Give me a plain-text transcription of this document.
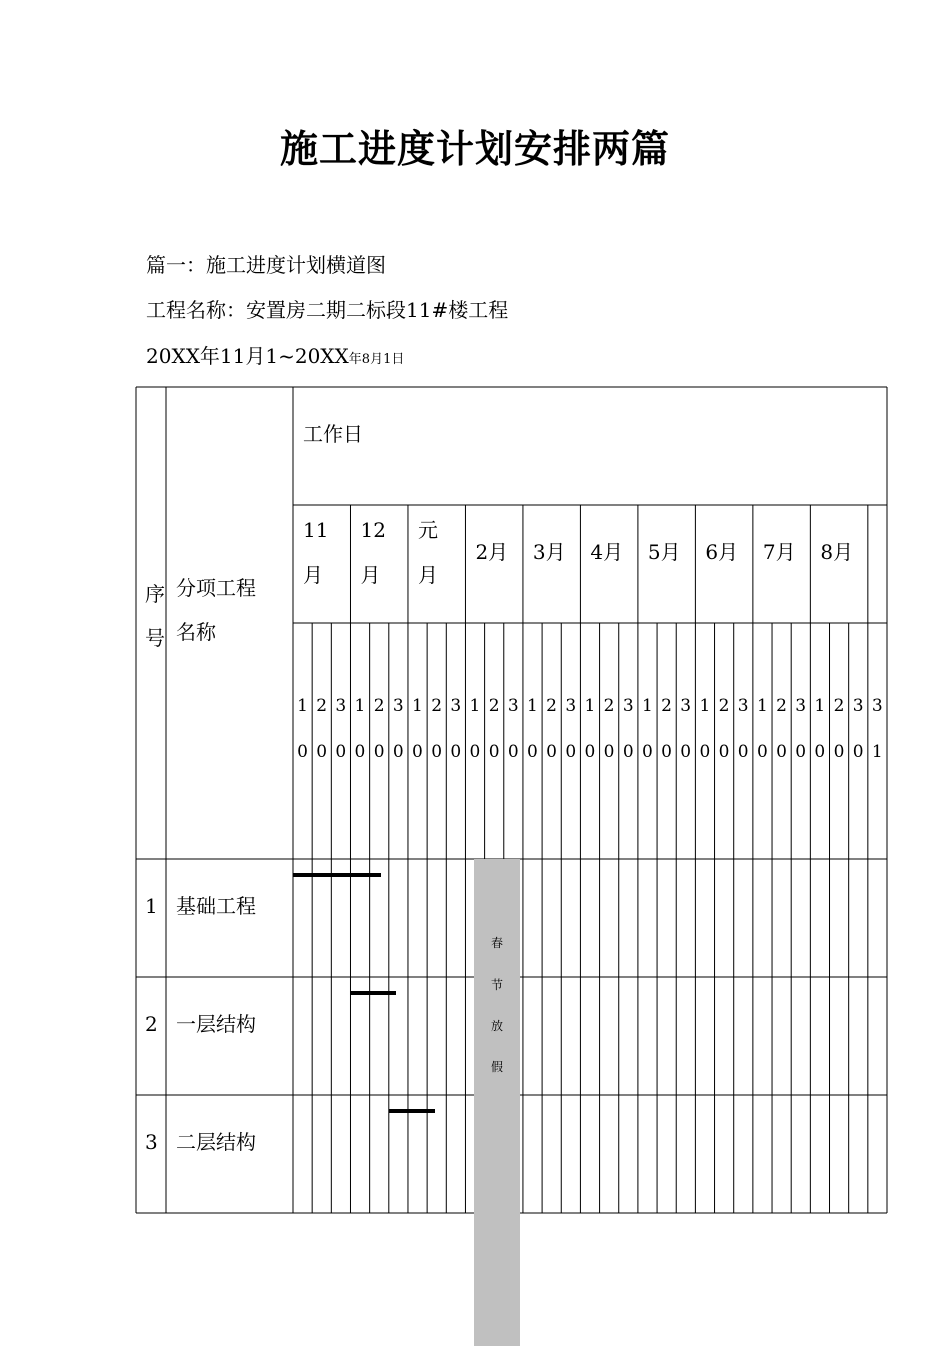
施工进度计划安排两篇
篇一：施工进度计划横道图
工程名称：安置房二期二标段11#楼工程
20XX年11月1~20XX年8月1日
春
节
放
假
序
号
分项工程
名称
工作日
11
月
12
月
元
月
2月 3月 4月 5月 6月 7月 8月
1
0
2
0
3
0
1
0
2
0
3
0
1
0
2
0
3
0
1
0
2
0
3
0
1
0
2
0
3
0
1
0
2
0
3
0
1
0
2
0
3
0
1
0
2
0
3
0
1
0
2
0
3
0
1
0
2
0
3
0
3
1
1 基础工程
2 一层结构
3 二层结构
